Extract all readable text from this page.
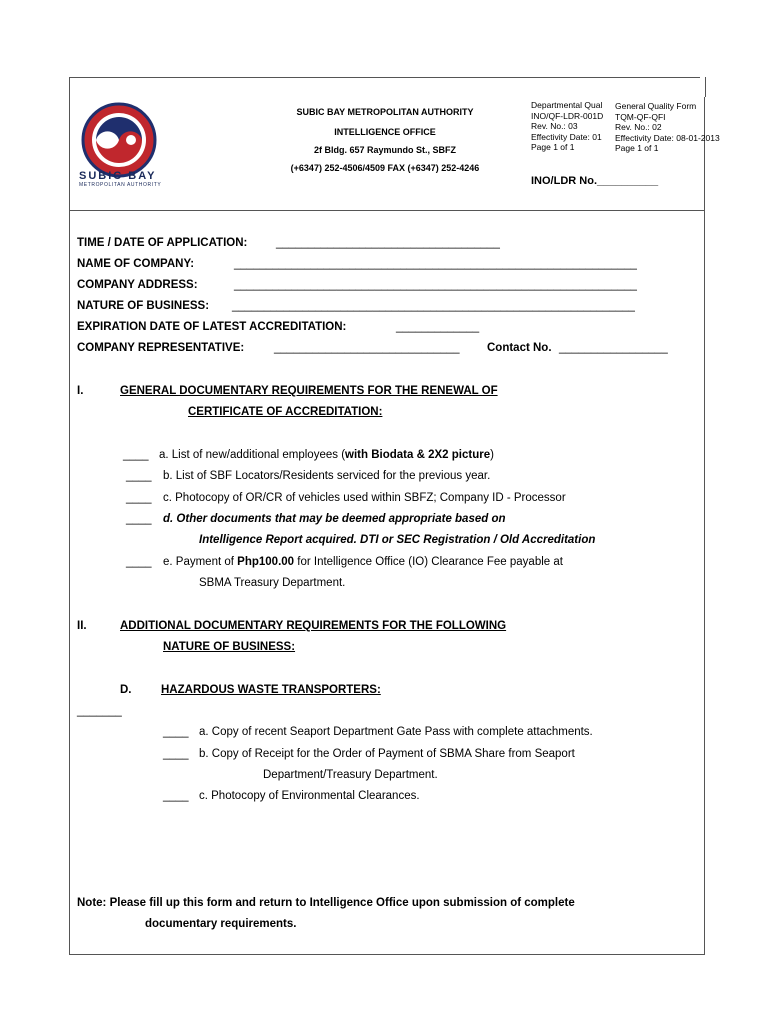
SUBIC BAY
METROPOLITAN AUTHORITY
SUBIC BAY METROPOLITAN AUTHORITY
INTELLIGENCE OFFICE
2f Bldg. 657 Raymundo St., SBFZ
(+6347) 252-4506/4509 FAX (+6347) 252-4246
Departmental Qual
INO/QF-LDR-001D
Rev. No.: 03
Effectivity Date: 01
Page 1 of 1
General Quality Form
TQM-QF-QFI
Rev. No.: 02
Effectivity Date: 08-01-2013
Page 1 of 1
INO/LDR No.__________
TIME / DATE OF APPLICATION: ___________________________________
NAME OF COMPANY:	_______________________________________________________________
COMPANY ADDRESS:	_______________________________________________________________
NATURE OF BUSINESS: _______________________________________________________________
EXPIRATION DATE OF LATEST ACCREDITATION:	_____________
COMPANY REPRESENTATIVE:	_____________________________ Contact No. _________________
I.	GENERAL DOCUMENTARY REQUIREMENTS FOR THE RENEWAL OF
CERTIFICATE OF ACCREDITATION:
____ a. List of new/additional employees (with Biodata & 2X2 picture)
____ b. List of SBF Locators/Residents serviced for the previous year.
____ c. Photocopy of OR/CR of vehicles used within SBFZ; Company ID - Processor
____ d. Other documents that may be deemed appropriate based on
Intelligence Report acquired. DTI or SEC Registration / Old Accreditation
____ e. Payment of Php100.00 for Intelligence Office (IO) Clearance Fee payable at
SBMA Treasury Department.
II.	ADDITIONAL DOCUMENTARY REQUIREMENTS FOR THE FOLLOWING
NATURE OF BUSINESS:
D.	HAZARDOUS WASTE TRANSPORTERS:
_______
____ a. Copy of recent Seaport Department Gate Pass with complete attachments.
____ b. Copy of Receipt for the Order of Payment of SBMA Share from Seaport
Department/Treasury Department.
____ c. Photocopy of Environmental Clearances.
Note: Please fill up this form and return to Intelligence Office upon submission of complete
documentary requirements.
